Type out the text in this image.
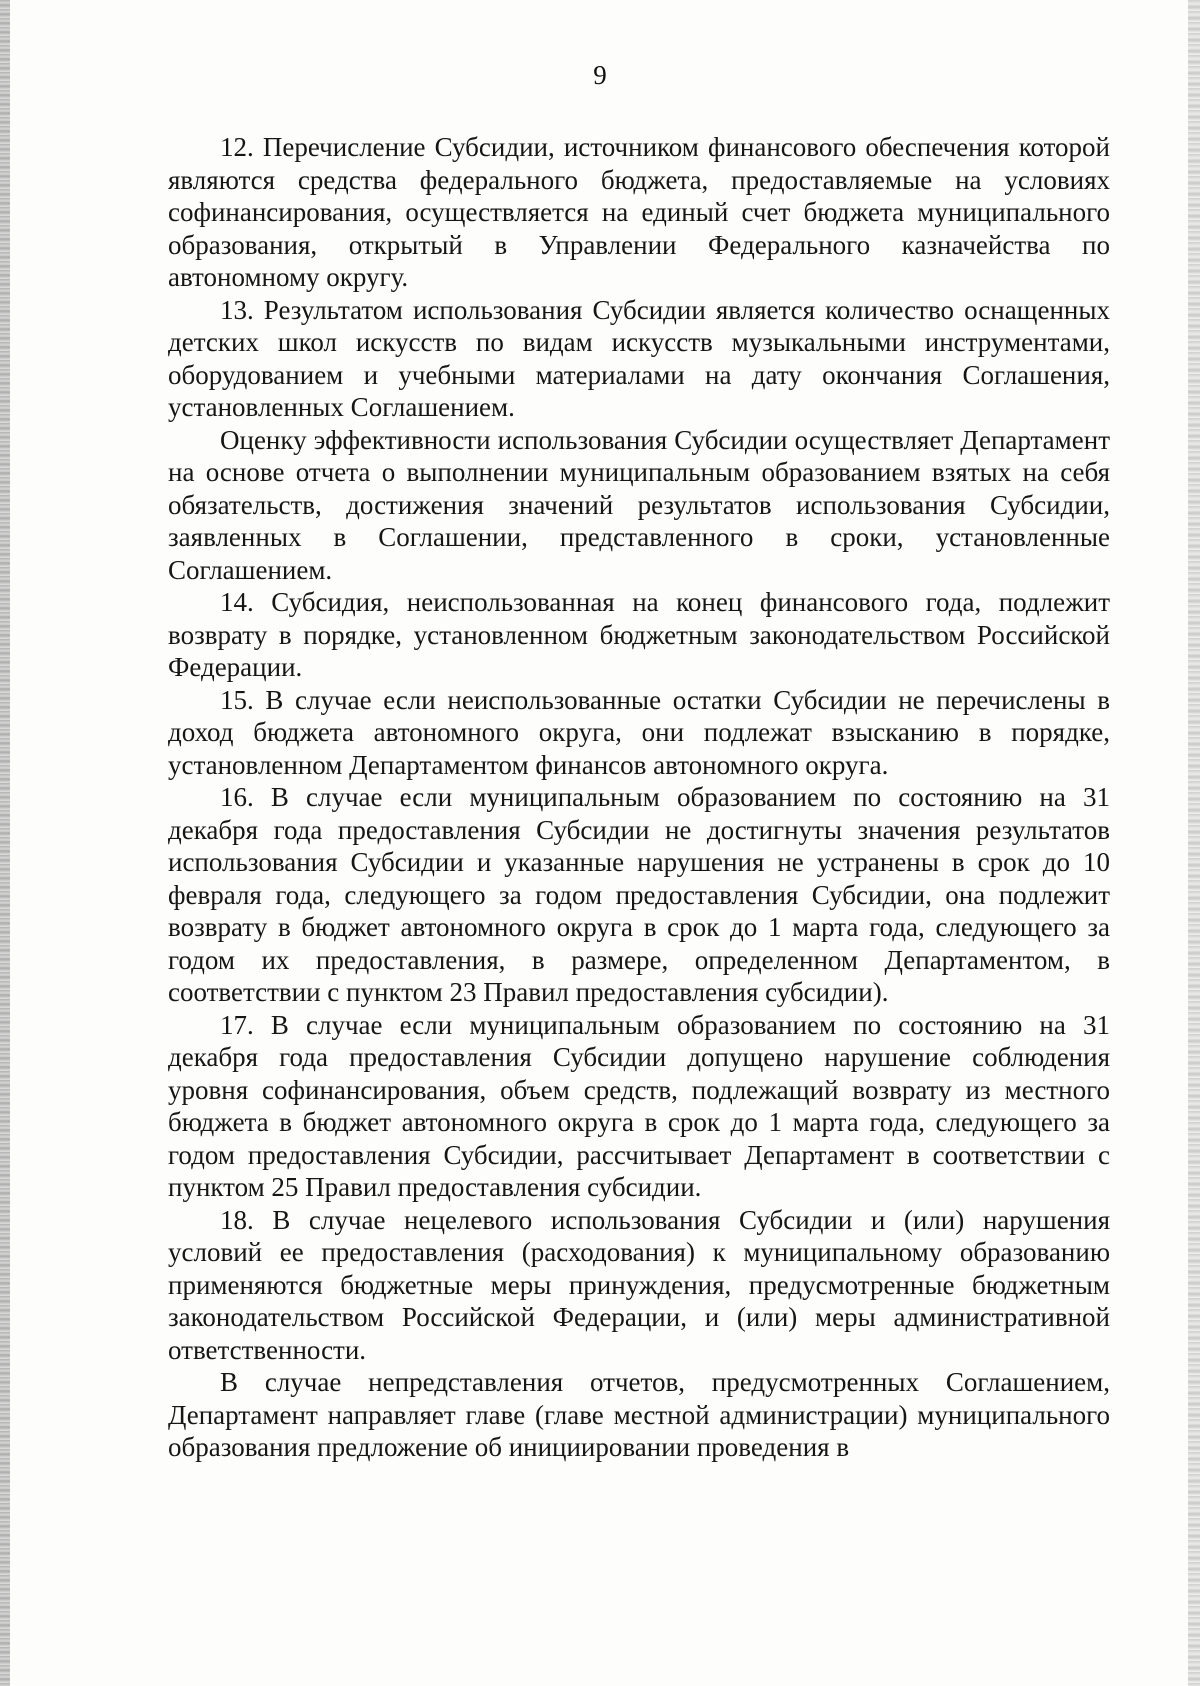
9

12. Перечисление Субсидии, источником финансового обеспечения которой являются средства федерального бюджета, предоставляемые на условиях софинансирования, осуществляется на единый счет бюджета муниципального образования, открытый в Управлении Федерального казначейства по автономному округу.

13. Результатом использования Субсидии является количество оснащенных детских школ искусств по видам искусств музыкальными инструментами, оборудованием и учебными материалами на дату окончания Соглашения, установленных Соглашением.

Оценку эффективности использования Субсидии осуществляет Департамент на основе отчета о выполнении муниципальным образованием взятых на себя обязательств, достижения значений результатов использования Субсидии, заявленных в Соглашении, представленного в сроки, установленные Соглашением.

14. Субсидия, неиспользованная на конец финансового года, подлежит возврату в порядке, установленном бюджетным законодательством Российской Федерации.

15. В случае если неиспользованные остатки Субсидии не перечислены в доход бюджета автономного округа, они подлежат взысканию в порядке, установленном Департаментом финансов автономного округа.

16. В случае если муниципальным образованием по состоянию на 31 декабря года предоставления Субсидии не достигнуты значения результатов использования Субсидии и указанные нарушения не устранены в срок до 10 февраля года, следующего за годом предоставления Субсидии, она подлежит возврату в бюджет автономного округа в срок до 1 марта года, следующего за годом их предоставления, в размере, определенном Департаментом, в соответствии с пунктом 23 Правил предоставления субсидии).

17. В случае если муниципальным образованием по состоянию на 31 декабря года предоставления Субсидии допущено нарушение соблюдения уровня софинансирования, объем средств, подлежащий возврату из местного бюджета в бюджет автономного округа в срок до 1 марта года, следующего за годом предоставления Субсидии, рассчитывает Департамент в соответствии с пунктом 25 Правил предоставления субсидии.

18. В случае нецелевого использования Субсидии и (или) нарушения условий ее предоставления (расходования) к муниципальному образованию применяются бюджетные меры принуждения, предусмотренные бюджетным законодательством Российской Федерации, и (или) меры административной ответственности.

В случае непредставления отчетов, предусмотренных Соглашением, Департамент направляет главе (главе местной администрации) муниципального образования предложение об инициировании проведения в
